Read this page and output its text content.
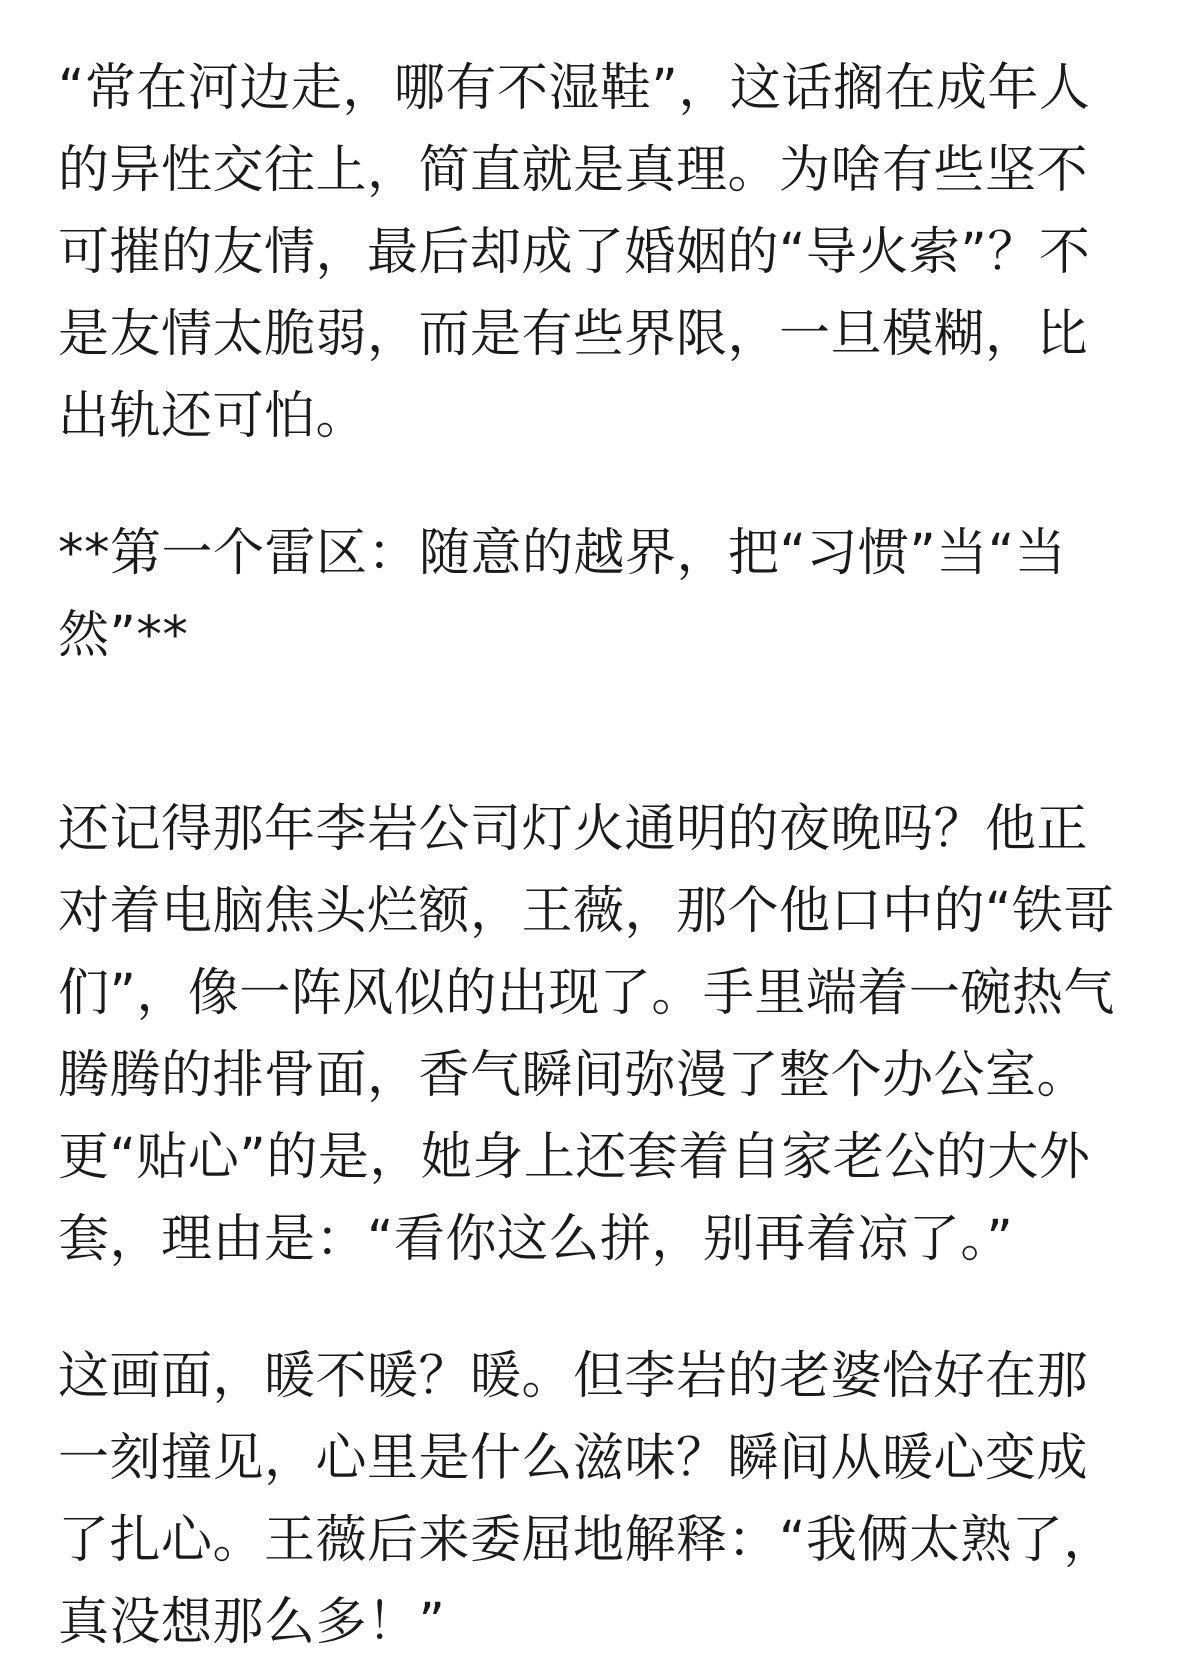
“常在河边走，哪有不湿鞋”，这话搁在成年人的异性交往上，简直就是真理。为啥有些坚不可摧的友情，最后却成了婚姻的“导火索”？不是友情太脆弱，而是有些界限，一旦模糊，比出轨还可怕。

**第一个雷区：随意的越界，把“习惯”当“当然”**

还记得那年李岩公司灯火通明的夜晚吗？他正对着电脑焦头烂额，王薇，那个他口中的“铁哥们”，像一阵风似的出现了。手里端着一碗热气腾腾的排骨面，香气瞬间弥漫了整个办公室。更“贴心”的是，她身上还套着自家老公的大外套，理由是：“看你这么拼，别再着凉了。”

这画面，暖不暖？暖。但李岩的老婆恰好在那一刻撞见，心里是什么滋味？瞬间从暖心变成了扎心。王薇后来委屈地解释：“我俩太熟了，真没想那么多！”
